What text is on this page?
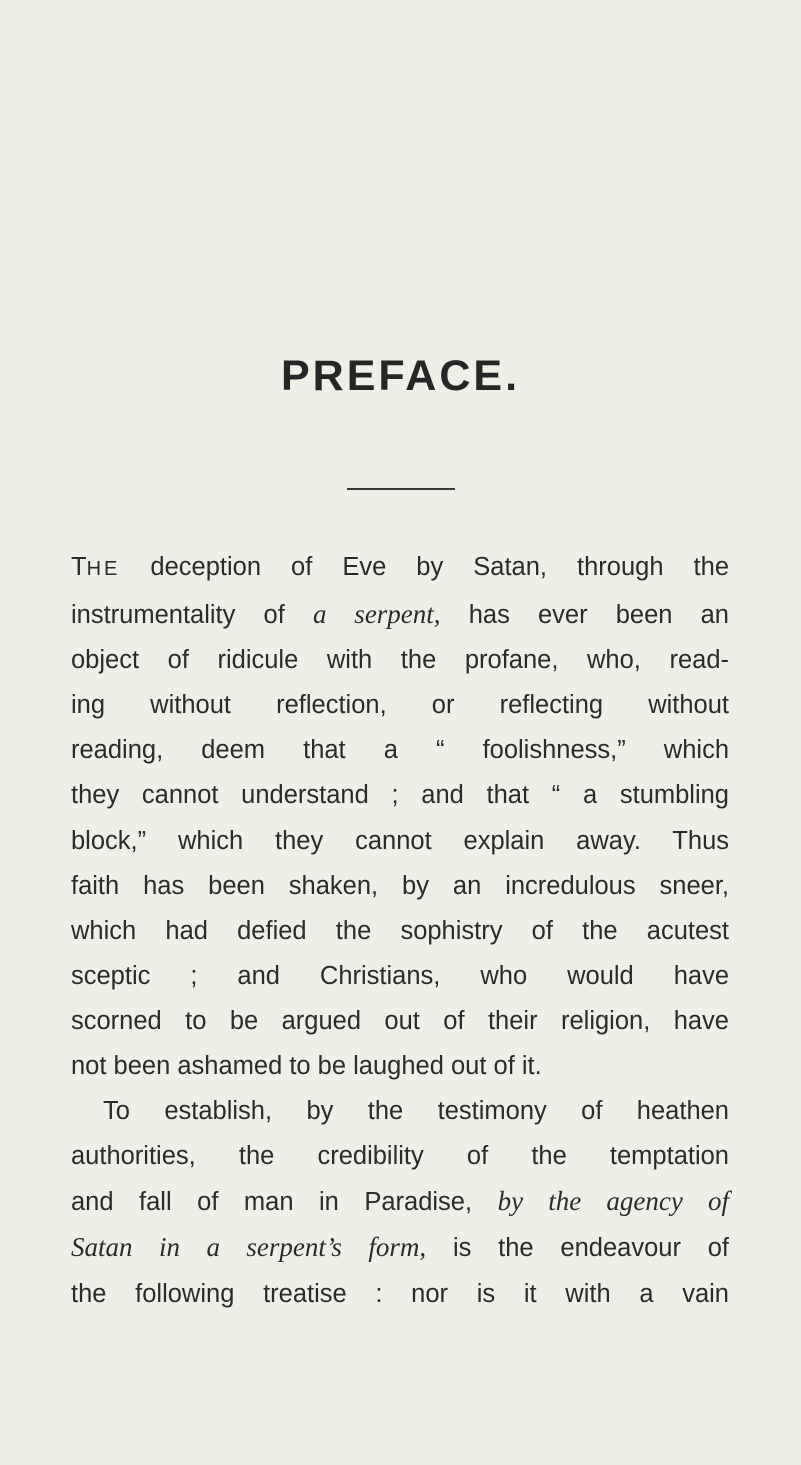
PREFACE.
THE deception of Eve by Satan, through the
instrumentality of a serpent, has ever been an
object of ridicule with the profane, who, read-
ing without reflection, or reflecting without
reading, deem that a “ foolishness,” which
they cannot understand ; and that “ a stumbling
block,” which they cannot explain away. Thus
faith has been shaken, by an incredulous sneer,
which had defied the sophistry of the acutest
sceptic ; and Christians, who would have
scorned to be argued out of their religion, have
not been ashamed to be laughed out of it.
To establish, by the testimony of heathen
authorities, the credibility of the temptation
and fall of man in Paradise, by the agency of
Satan in a serpent’s form, is the endeavour of
the following treatise : nor is it with a vain
